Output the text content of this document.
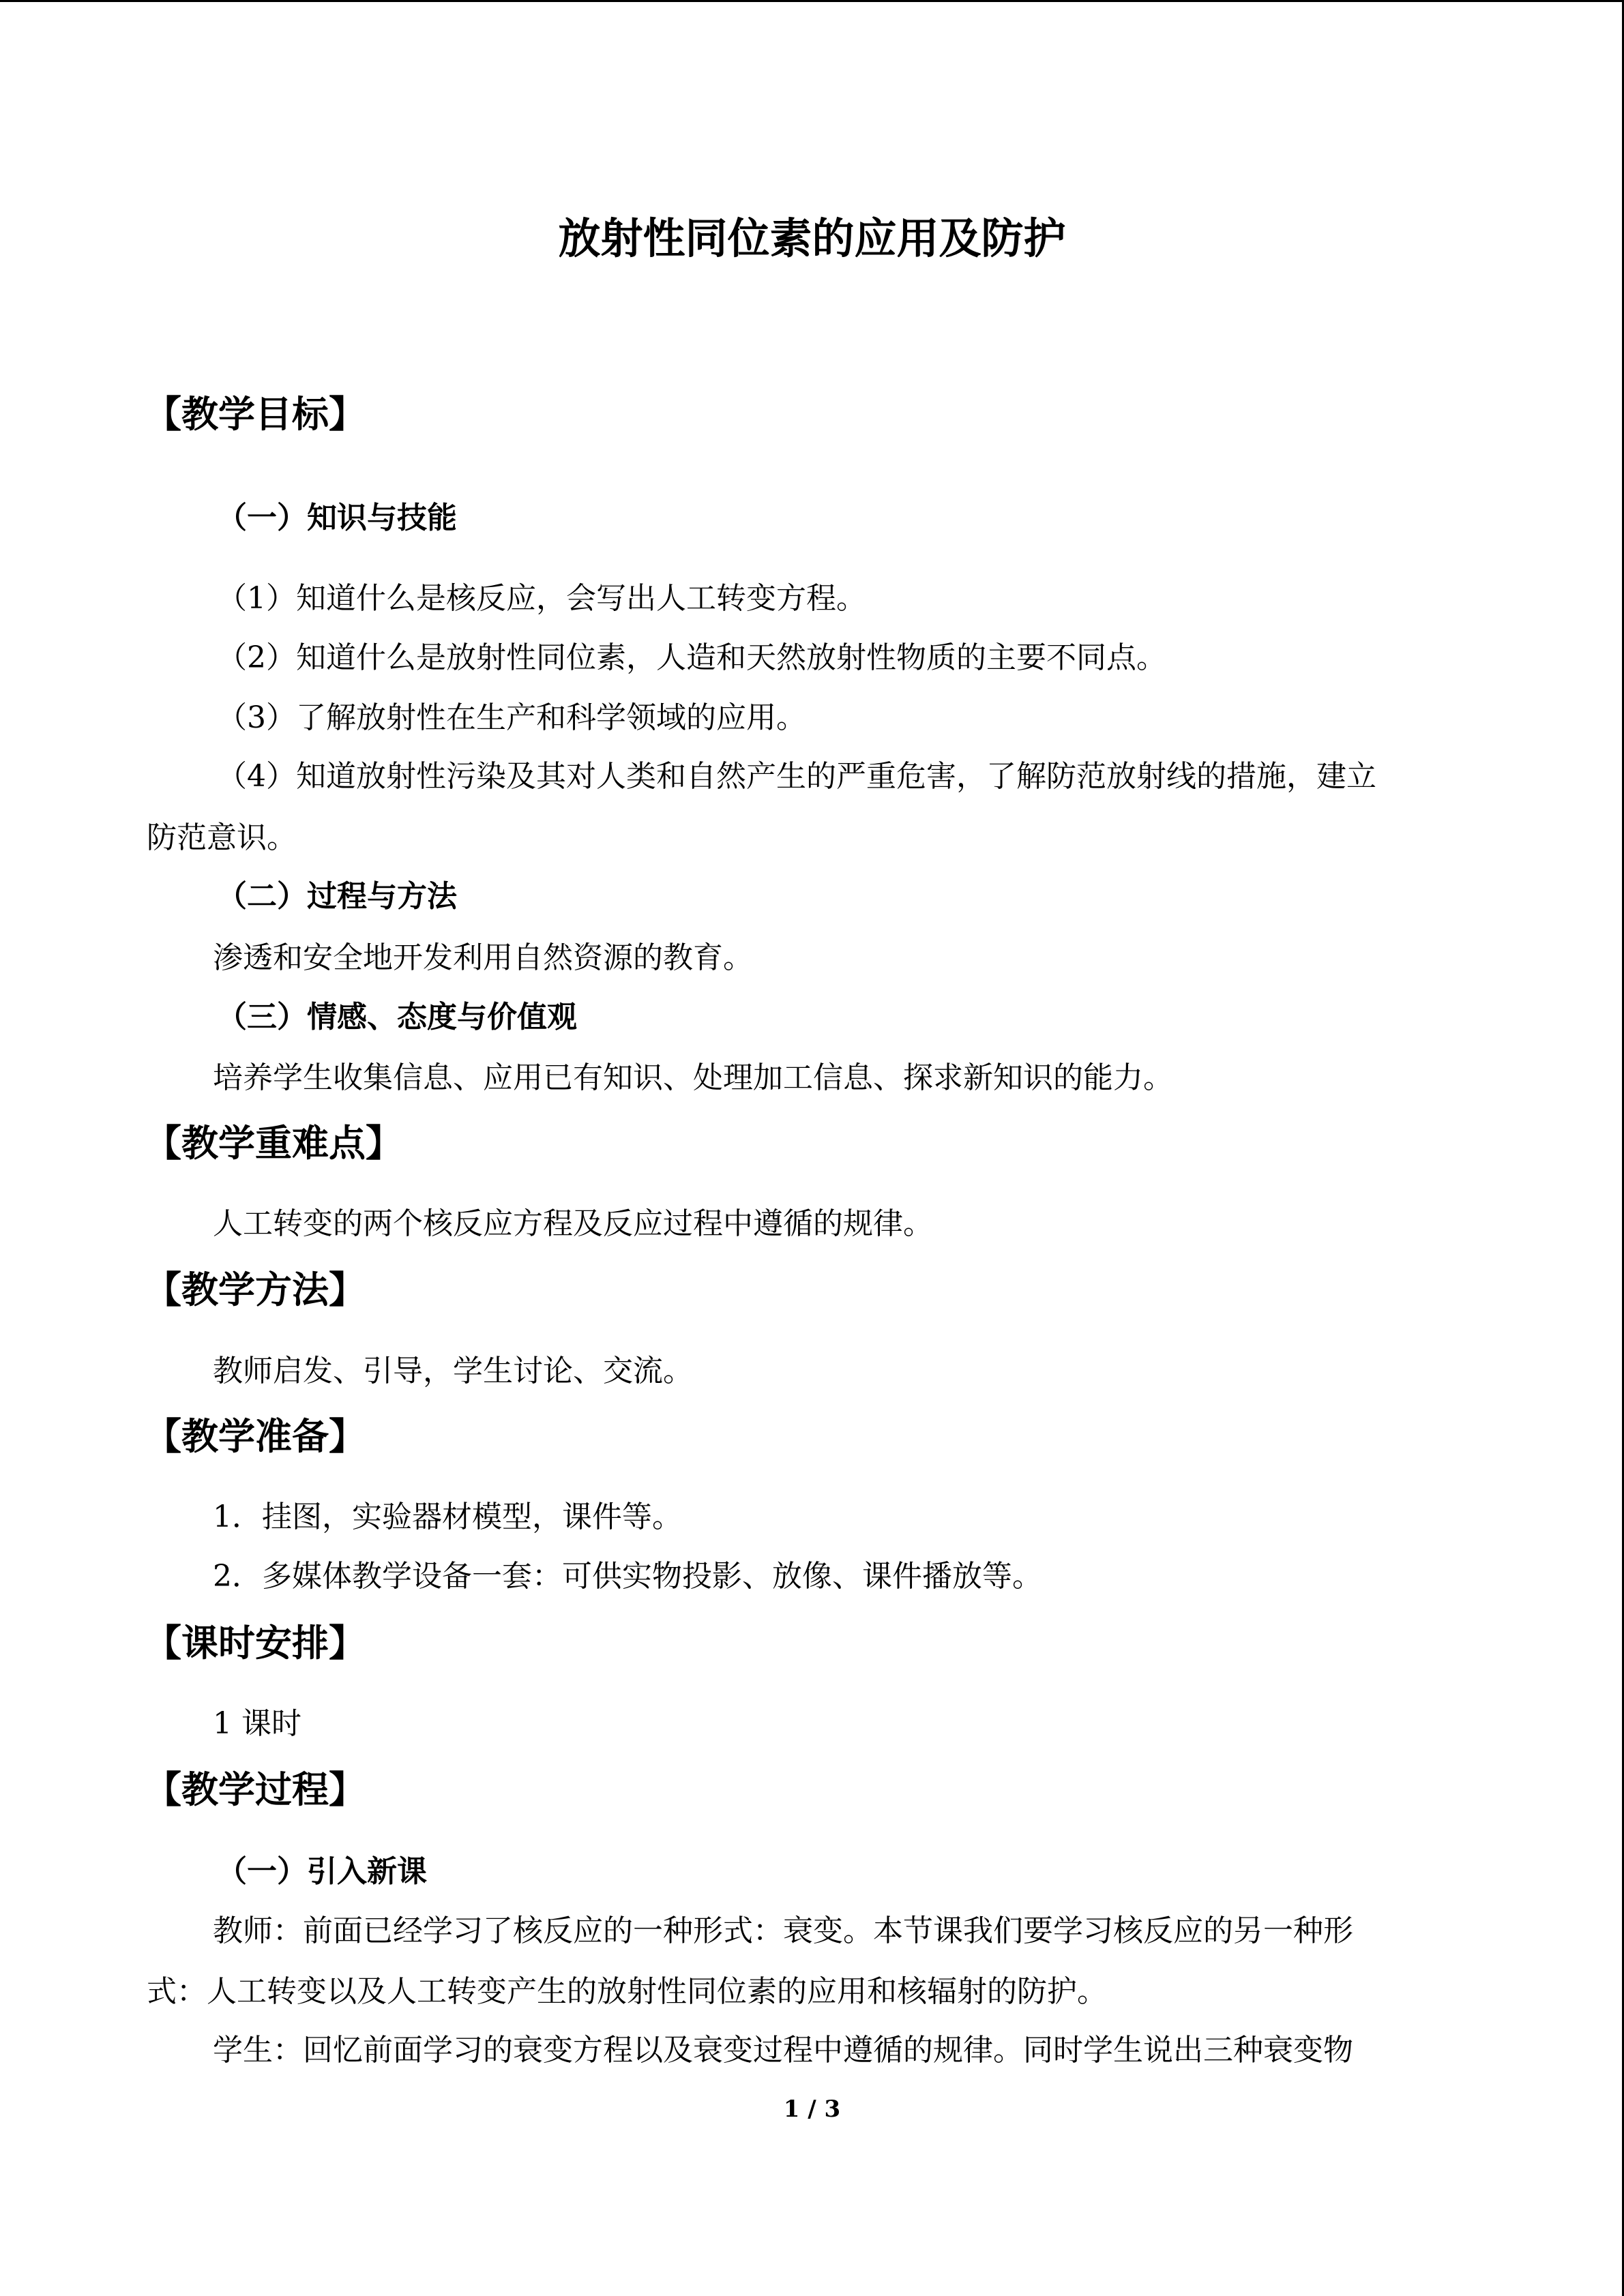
放射性同位素的应用及防护
【教学目标】
（一）知识与技能
（1）知道什么是核反应，会写出人工转变方程。
（2）知道什么是放射性同位素，人造和天然放射性物质的主要不同点。
（3）了解放射性在生产和科学领域的应用。
（4）知道放射性污染及其对人类和自然产生的严重危害，了解防范放射线的措施，建立
防范意识。
（二）过程与方法
渗透和安全地开发利用自然资源的教育。
（三）情感、态度与价值观
培养学生收集信息、应用已有知识、处理加工信息、探求新知识的能力。
【教学重难点】
人工转变的两个核反应方程及反应过程中遵循的规律。
【教学方法】
教师启发、引导，学生讨论、交流。
【教学准备】
1．挂图，实验器材模型，课件等。
2．多媒体教学设备一套：可供实物投影、放像、课件播放等。
【课时安排】
1 课时
【教学过程】
（一）引入新课
教师：前面已经学习了核反应的一种形式：衰变。本节课我们要学习核反应的另一种形
式：人工转变以及人工转变产生的放射性同位素的应用和核辐射的防护。
学生：回忆前面学习的衰变方程以及衰变过程中遵循的规律。同时学生说出三种衰变物
1 / 3
